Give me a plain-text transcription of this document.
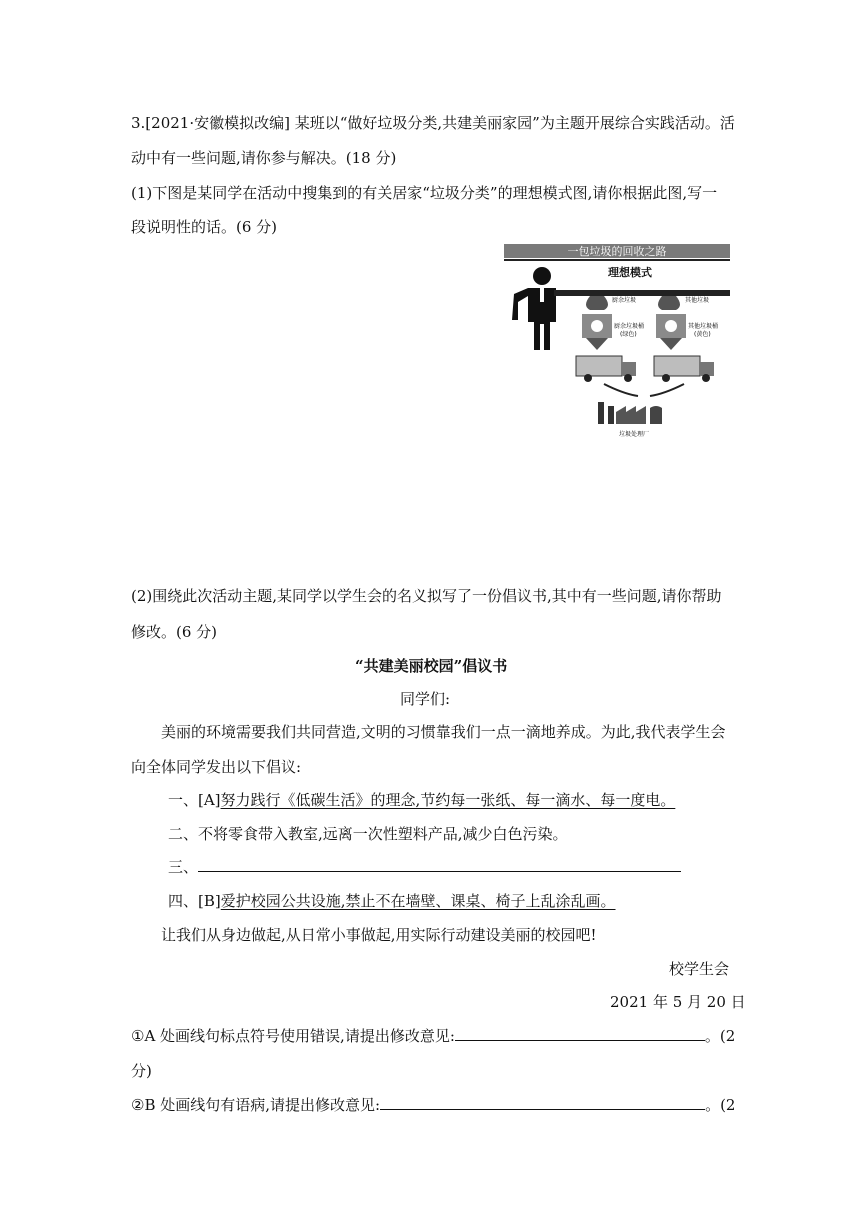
3.[2021·安徽模拟改编] 某班以“做好垃圾分类,共建美丽家园”为主题开展综合实践活动。活
动中有一些问题,请你参与解决。(18 分)
(1)下图是某同学在活动中搜集到的有关居家“垃圾分类”的理想模式图,请你根据此图,写一
段说明性的话。(6 分)
一包垃圾的回收之路
理想模式
厨余垃圾	其他垃圾
厨余垃圾桶
(绿色)
其他垃圾桶
(黄色)
垃圾处理厂
(2)围绕此次活动主题,某同学以学生会的名义拟写了一份倡议书,其中有一些问题,请你帮助
修改。(6 分)
“共建美丽校园”倡议书
同学们:
美丽的环境需要我们共同营造,文明的习惯靠我们一点一滴地养成。为此,我代表学生会
向全体同学发出以下倡议:
一、[A]努力践行《低碳生活》的理念,节约每一张纸、每一滴水、每一度电。
二、不将零食带入教室,远离一次性塑料产品,减少白色污染。
三、
四、[B]爱护校园公共设施,禁止不在墙壁、课桌、椅子上乱涂乱画。
让我们从身边做起,从日常小事做起,用实际行动建设美丽的校园吧!
校学生会
2021 年 5 月 20 日
①A 处画线句标点符号使用错误,请提出修改意见:	。(2
分)
②B 处画线句有语病,请提出修改意见:	。(2
